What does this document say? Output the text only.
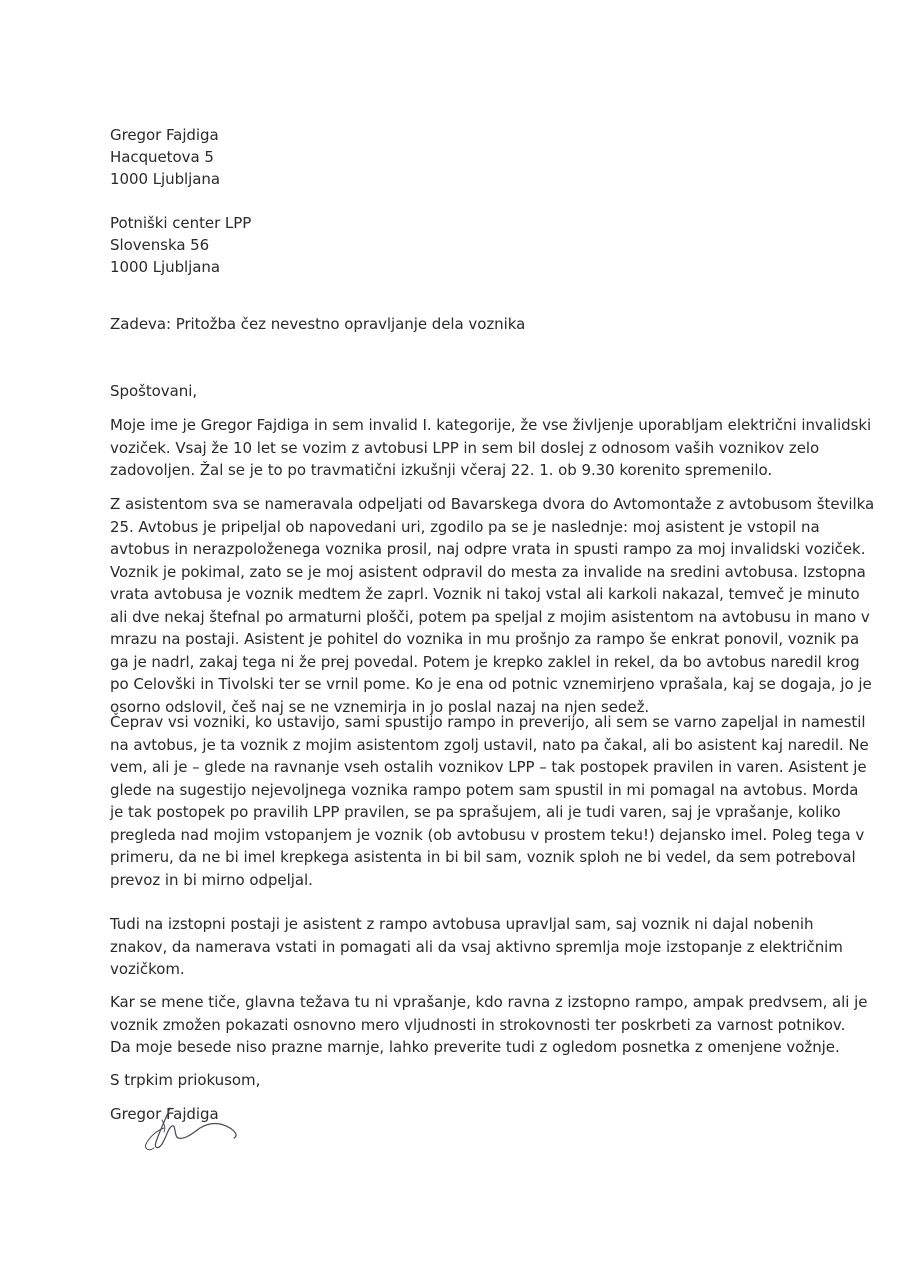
Gregor Fajdiga
Hacquetova 5
1000 Ljubljana
Potniški center LPP
Slovenska 56
1000 Ljubljana
Zadeva: Pritožba čez nevestno opravljanje dela voznika
Spoštovani,
Moje ime je Gregor Fajdiga in sem invalid I. kategorije, že vse življenje uporabljam električni invalidski
voziček. Vsaj že 10 let se vozim z avtobusi LPP in sem bil doslej z odnosom vaših voznikov zelo
zadovoljen. Žal se je to po travmatični izkušnji včeraj 22. 1. ob 9.30 korenito spremenilo.
Z asistentom sva se nameravala odpeljati od Bavarskega dvora do Avtomontaže z avtobusom številka
25. Avtobus je pripeljal ob napovedani uri, zgodilo pa se je naslednje: moj asistent je vstopil na
avtobus in nerazpoloženega voznika prosil, naj odpre vrata in spusti rampo za moj invalidski voziček.
Voznik je pokimal, zato se je moj asistent odpravil do mesta za invalide na sredini avtobusa. Izstopna
vrata avtobusa je voznik medtem že zaprl. Voznik ni takoj vstal ali karkoli nakazal, temveč je minuto
ali dve nekaj štefnal po armaturni plošči, potem pa speljal z mojim asistentom na avtobusu in mano v
mrazu na postaji. Asistent je pohitel do voznika in mu prošnjo za rampo še enkrat ponovil, voznik pa
ga je nadrl, zakaj tega ni že prej povedal. Potem je krepko zaklel in rekel, da bo avtobus naredil krog
po Celovški in Tivolski ter se vrnil pome. Ko je ena od potnic vznemirjeno vprašala, kaj se dogaja, jo je
osorno odslovil, češ naj se ne vznemirja in jo poslal nazaj na njen sedež.
Čeprav vsi vozniki, ko ustavijo, sami spustijo rampo in preverijo, ali sem se varno zapeljal in namestil
na avtobus, je ta voznik z mojim asistentom zgolj ustavil, nato pa čakal, ali bo asistent kaj naredil. Ne
vem, ali je – glede na ravnanje vseh ostalih voznikov LPP – tak postopek pravilen in varen. Asistent je
glede na sugestijo nejevoljnega voznika rampo potem sam spustil in mi pomagal na avtobus. Morda
je tak postopek po pravilih LPP pravilen, se pa sprašujem, ali je tudi varen, saj je vprašanje, koliko
pregleda nad mojim vstopanjem je voznik (ob avtobusu v prostem teku!) dejansko imel. Poleg tega v
primeru, da ne bi imel krepkega asistenta in bi bil sam, voznik sploh ne bi vedel, da sem potreboval
prevoz in bi mirno odpeljal.
Tudi na izstopni postaji je asistent z rampo avtobusa upravljal sam, saj voznik ni dajal nobenih
znakov, da namerava vstati in pomagati ali da vsaj aktivno spremlja moje izstopanje z električnim
vozičkom.
Kar se mene tiče, glavna težava tu ni vprašanje, kdo ravna z izstopno rampo, ampak predvsem, ali je
voznik zmožen pokazati osnovno mero vljudnosti in strokovnosti ter poskrbeti za varnost potnikov.
Da moje besede niso prazne marnje, lahko preverite tudi z ogledom posnetka z omenjene vožnje.
S trpkim priokusom,
Gregor Fajdiga
